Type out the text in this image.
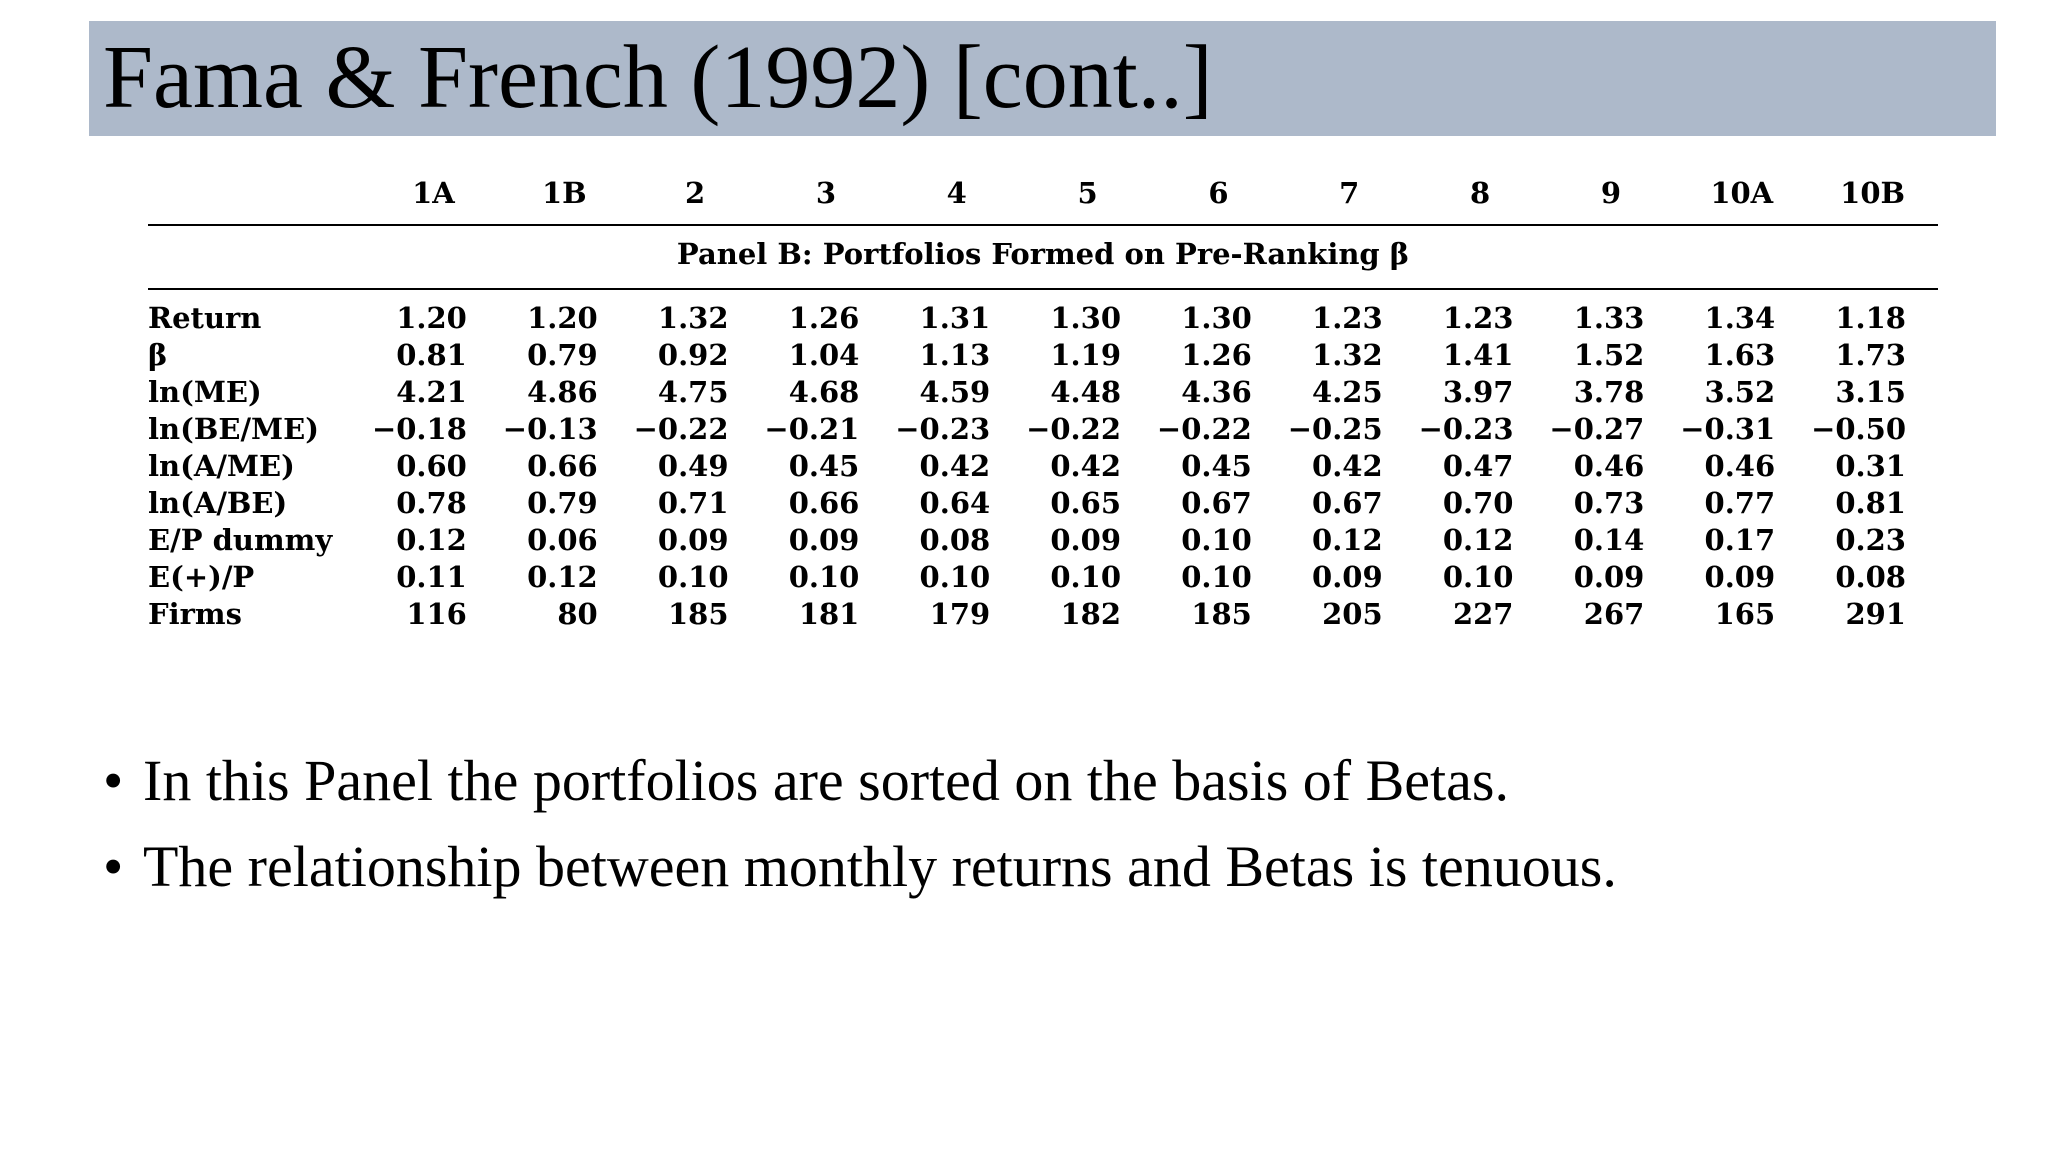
Fama & French (1992) [cont..]
	1A	1B	2	3	4	5	6	7	8	9	10A	10B
Panel B: Portfolios Formed on Pre-Ranking β												

Return	1.20	1.20	1.32	1.26	1.31	1.30	1.30	1.23	1.23	1.33	1.34	1.18
β	0.81	0.79	0.92	1.04	1.13	1.19	1.26	1.32	1.41	1.52	1.63	1.73
ln(ME)	4.21	4.86	4.75	4.68	4.59	4.48	4.36	4.25	3.97	3.78	3.52	3.15
ln(BE/ME)	−0.18	−0.13	−0.22	−0.21	−0.23	−0.22	−0.22	−0.25	−0.23	−0.27	−0.31	−0.50
ln(A/ME)	0.60	0.66	0.49	0.45	0.42	0.42	0.45	0.42	0.47	0.46	0.46	0.31
ln(A/BE)	0.78	0.79	0.71	0.66	0.64	0.65	0.67	0.67	0.70	0.73	0.77	0.81
E/P dummy	0.12	0.06	0.09	0.09	0.08	0.09	0.10	0.12	0.12	0.14	0.17	0.23
E(+)/P	0.11	0.12	0.10	0.10	0.10	0.10	0.10	0.09	0.10	0.09	0.09	0.08
Firms	116	80	185	181	179	182	185	205	227	267	165	291
• In this Panel the portfolios are sorted on the basis of Betas.
• The relationship between monthly returns and Betas is tenuous.
